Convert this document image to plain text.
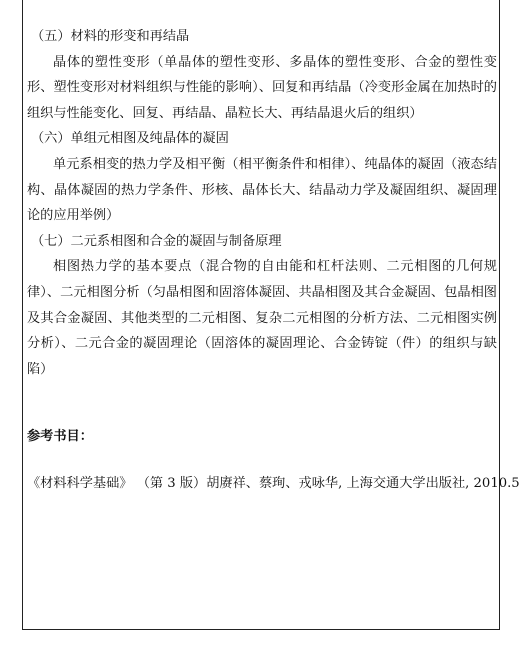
（五）材料的形变和再结晶

晶体的塑性变形（单晶体的塑性变形、多晶体的塑性变形、合金的塑性变形、塑性变形对材料组织与性能的影响）、回复和再结晶（冷变形金属在加热时的组织与性能变化、回复、再结晶、晶粒长大、再结晶退火后的组织）

（六）单组元相图及纯晶体的凝固

单元系相变的热力学及相平衡（相平衡条件和相律）、纯晶体的凝固（液态结构、晶体凝固的热力学条件、形核、晶体长大、结晶动力学及凝固组织、凝固理论的应用举例）

（七）二元系相图和合金的凝固与制备原理

相图热力学的基本要点（混合物的自由能和杠杆法则、二元相图的几何规律）、二元相图分析（匀晶相图和固溶体凝固、共晶相图及其合金凝固、包晶相图及其合金凝固、其他类型的二元相图、复杂二元相图的分析方法、二元相图实例分析）、二元合金的凝固理论（固溶体的凝固理论、合金铸锭（件）的组织与缺陷）

参考书目：

《材料科学基础》 （第 3 版）胡赓祥、蔡珣、戎咏华, 上海交通大学出版社, 2010.5
